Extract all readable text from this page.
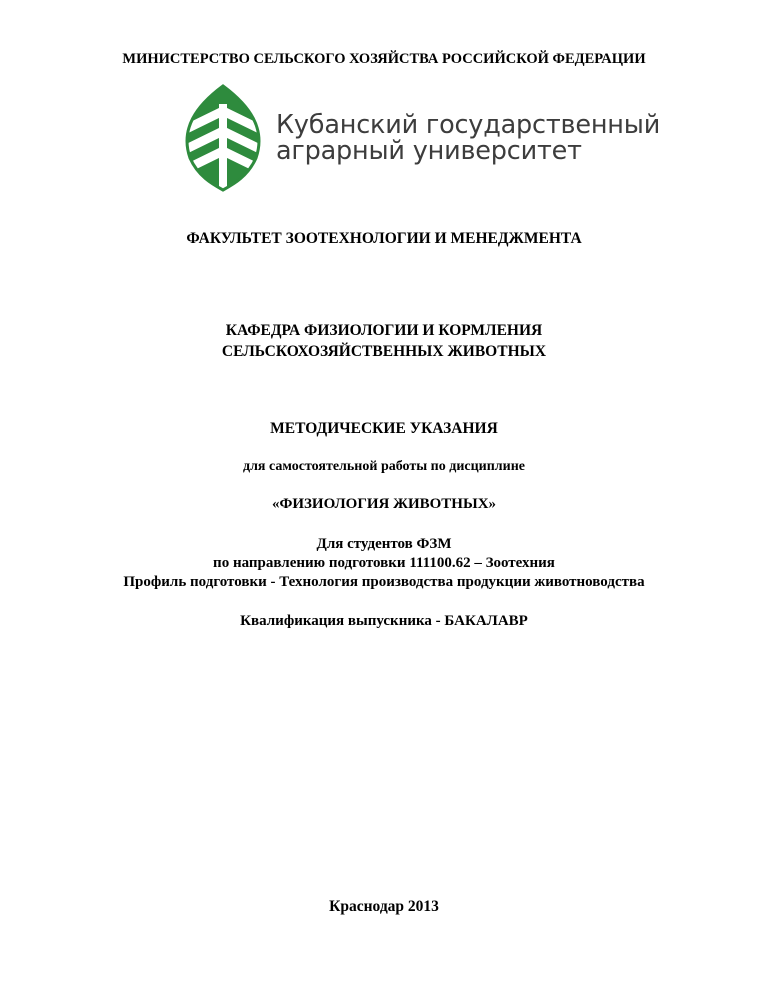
МИНИСТЕРСТВО СЕЛЬСКОГО ХОЗЯЙСТВА РОССИЙСКОЙ ФЕДЕРАЦИИ
Кубанский государственный
аграрный университет
ФАКУЛЬТЕТ ЗООТЕХНОЛОГИИ И МЕНЕДЖМЕНТА
КАФЕДРА ФИЗИОЛОГИИ И КОРМЛЕНИЯ
СЕЛЬСКОХОЗЯЙСТВЕННЫХ ЖИВОТНЫХ
МЕТОДИЧЕСКИЕ УКАЗАНИЯ
для самостоятельной работы по дисциплине
«ФИЗИОЛОГИЯ ЖИВОТНЫХ»
Для студентов ФЗМ
по направлению подготовки 111100.62 – Зоотехния
Профиль подготовки - Технология производства продукции животноводства
Квалификация выпускника - БАКАЛАВР
Краснодар 2013
